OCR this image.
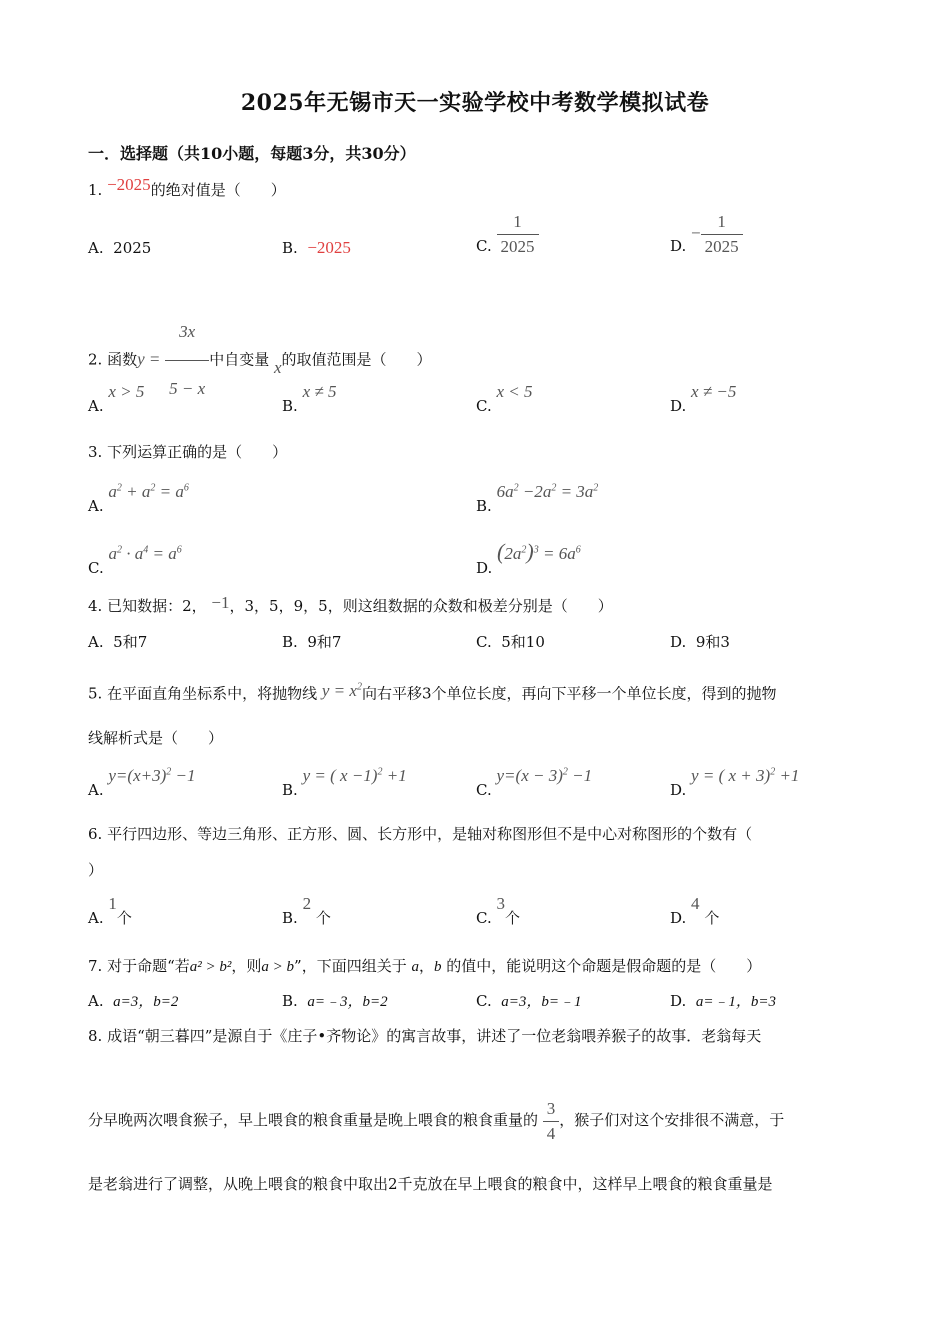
2025年无锡市天一实验学校中考数学模拟试卷
一．选择题（共10小题，每题3分，共30分）
1. −2025的绝对值是（　　）
A. 2025	B. −2025	C. $\frac{1}{2025}$	D. − $\frac{1}{2025}$
2. 函数$y = \frac{3x}{5 - x}$ 中自变量 x的取值范围是（　　）
A. x > 5
B. x ≠ 5
C. x < 5
D. x ≠ −5
3. 下列运算正确的是（　　）
A. $a^2 + a^2 = a^6$
B. $6a^2 -2a^2 = 3a^2$
C. $a^2 \cdot a^4 = a^6$
D. $(2a^2)^3 = 6a^6$
4. 已知数据：2， −1，3，5，9，5，则这组数据的众数和极差分别是（　　）
A. 5和7	B. 9和7	C. 5和10	D. 9和3
5. 在平面直角坐标系中，将抛物线 $y = x^2$向右平移3个单位长度，再向下平移一个单位长度，得到的抛物
线解析式是（　　）
A. $y=(x+3)^2 -1$
B. y = ( x −1)$^2$ +1
C. $y=(x - 3)^2 -1$
D. y = ( x + 3)$^2$ +1
6. 平行四边形、等边三角形、正方形、圆、长方形中，是轴对称图形但不是中心对称图形的个数有（
）
A. 1个	B. 2 个	C. 3个	D. 4 个
7. 对于命题“若a² > b²，则a > b”，下面四组关于 a，b 的值中，能说明这个命题是假命题的是（　　）
A. a=3，b=2	B. a=﹣3，b=2	C. a=3，b=﹣1	D. a=﹣1，b=3
8. 成语“朝三暮四”是源自于《庄子•齐物论》的寓言故事，讲述了一位老翁喂养猴子的故事．老翁每天
分早晚两次喂食猴子，早上喂食的粮食重量是晚上喂食的粮食重量的 $\frac{3}{4}$ ，猴子们对这个安排很不满意，于
是老翁进行了调整，从晚上喂食的粮食中取出2千克放在早上喂食的粮食中，这样早上喂食的粮食重量是
